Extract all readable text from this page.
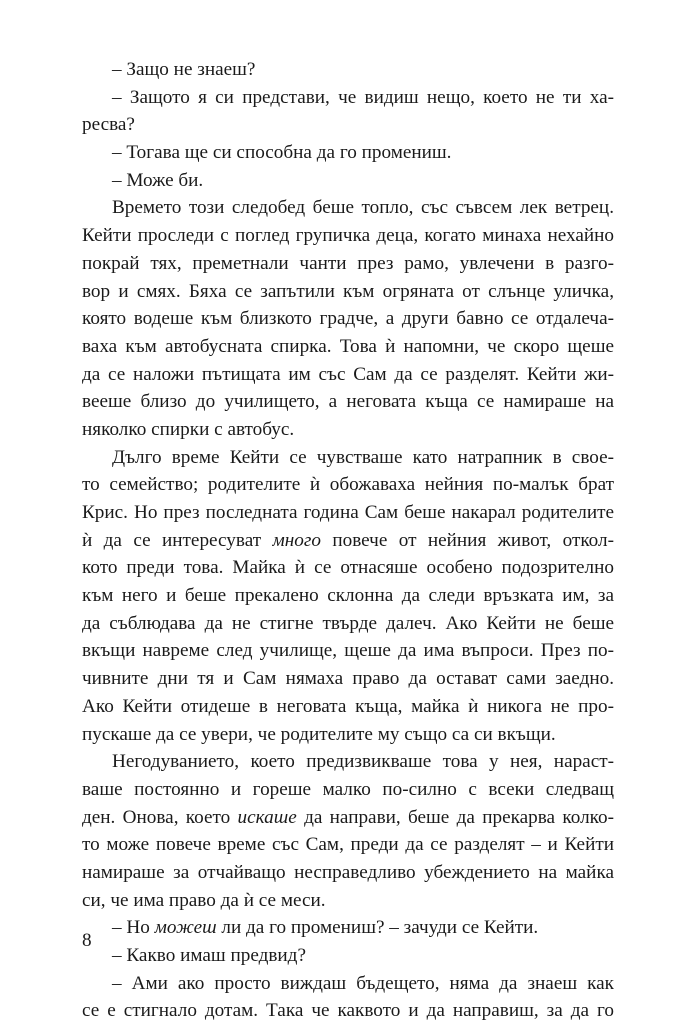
– Защо не знаеш?
– Защото я си представи, че видиш нещо, което не ти ха-
ресва?
– Тогава ще си способна да го промениш.
– Може би.
Времето този следобед беше топло, със съвсем лек ветрец.
Кейти проследи с поглед групичка деца, когато минаха нехайно
покрай тях, преметнали чанти през рамо, увлечени в разго-
вор и смях. Бяха се запътили към огряната от слънце уличка,
която водеше към близкото градче, а други бавно се отдалеча-
ваха към автобусната спирка. Това ѝ напомни, че скоро щеше
да се наложи пътищата им със Сам да се разделят. Кейти жи-
вееше близо до училището, а неговата къща се намираше на
няколко спирки с автобус.
Дълго време Кейти се чувстваше като натрапник в свое-
то семейство; родителите ѝ обожаваха нейния по-малък брат
Крис. Но през последната година Сам беше накарал родителите
ѝ да се интересуват много повече от нейния живот, откол-
кото преди това. Майка ѝ се отнасяше особено подозрително
към него и беше прекалено склонна да следи връзката им, за
да съблюдава да не стигне твърде далеч. Ако Кейти не беше
вкъщи навреме след училище, щеше да има въпроси. През по-
чивните дни тя и Сам нямаха право да остават сами заедно.
Ако Кейти отидеше в неговата къща, майка ѝ никога не про-
пускаше да се увери, че родителите му също са си вкъщи.
Негодуванието, което предизвикваше това у нея, нараст-
ваше постоянно и гореше малко по-силно с всеки следващ
ден. Онова, което искаше да направи, беше да прекарва колко-
то може повече време със Сам, преди да се разделят – и Кейти
намираше за отчайващо несправедливо убеждението на майка
си, че има право да ѝ се меси.
– Но можеш ли да го промениш? – зачуди се Кейти.
– Какво имаш предвид?
– Ами ако просто виждаш бъдещето, няма да знаеш как
се е стигнало дотам. Така че каквото и да направиш, за да го
8
